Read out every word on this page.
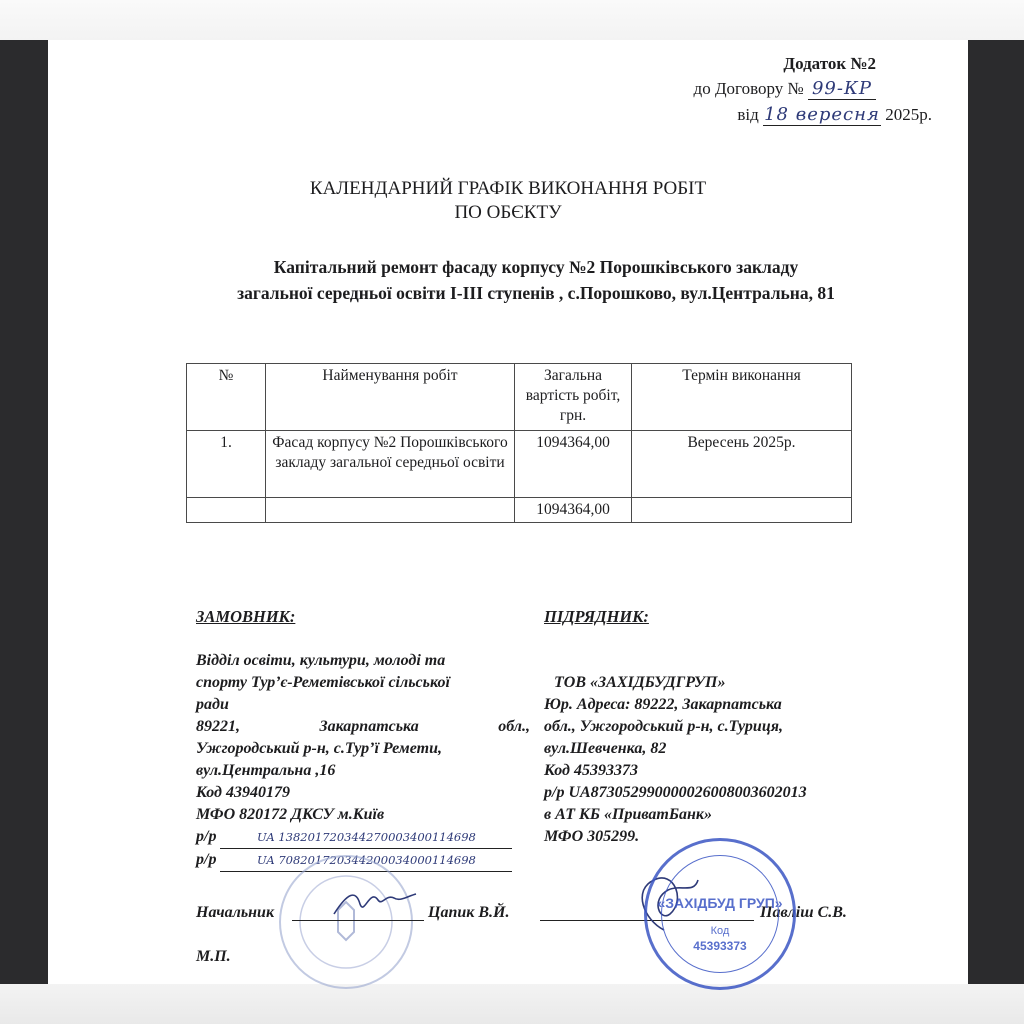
Додаток №2
до Договору № 99-КР
від 18 вересня 2025р.
КАЛЕНДАРНИЙ ГРАФІК ВИКОНАННЯ РОБІТ
ПО ОБЄКТУ
Капітальний ремонт фасаду корпусу №2 Порошківського закладу
загальної середньої освіти І-ІІІ ступенів , с.Порошково, вул.Центральна, 81
№	Найменування робіт	Загальна вартість робіт, грн.	Термін виконання
1.	Фасад корпусу №2 Порошківського закладу загальної середньої освіти	1094364,00	Вересень 2025р.
		1094364,00	
ЗАМОВНИК:
Відділ освіти, культури, молоді та
спорту Тур’є-Реметівської сільської
ради
89221,	Закарпатська	обл.,
Ужгородський р-н, с.Тур’ї Ремети,
вул.Центральна ,16
Код 43940179
МФО 820172 ДКСУ м.Київ
р/р	UA 138201720344270003400114698
р/р	UA 708201720344200034000114698
Начальник	Цапик В.Й.
М.П.
ПІДРЯДНИК:
ТОВ «ЗАХІДБУДГРУП»
Юр. Адреса: 89222, Закарпатська
обл., Ужгородський р-н, с.Туриця,
вул.Шевченка, 82
Код 45393373
р/р UA873052990000026008003602013
в АТ КБ «ПриватБанк»
МФО 305299.
Павліш С.В.
«ЗАХІДБУД ГРУП»
Код
45393373
